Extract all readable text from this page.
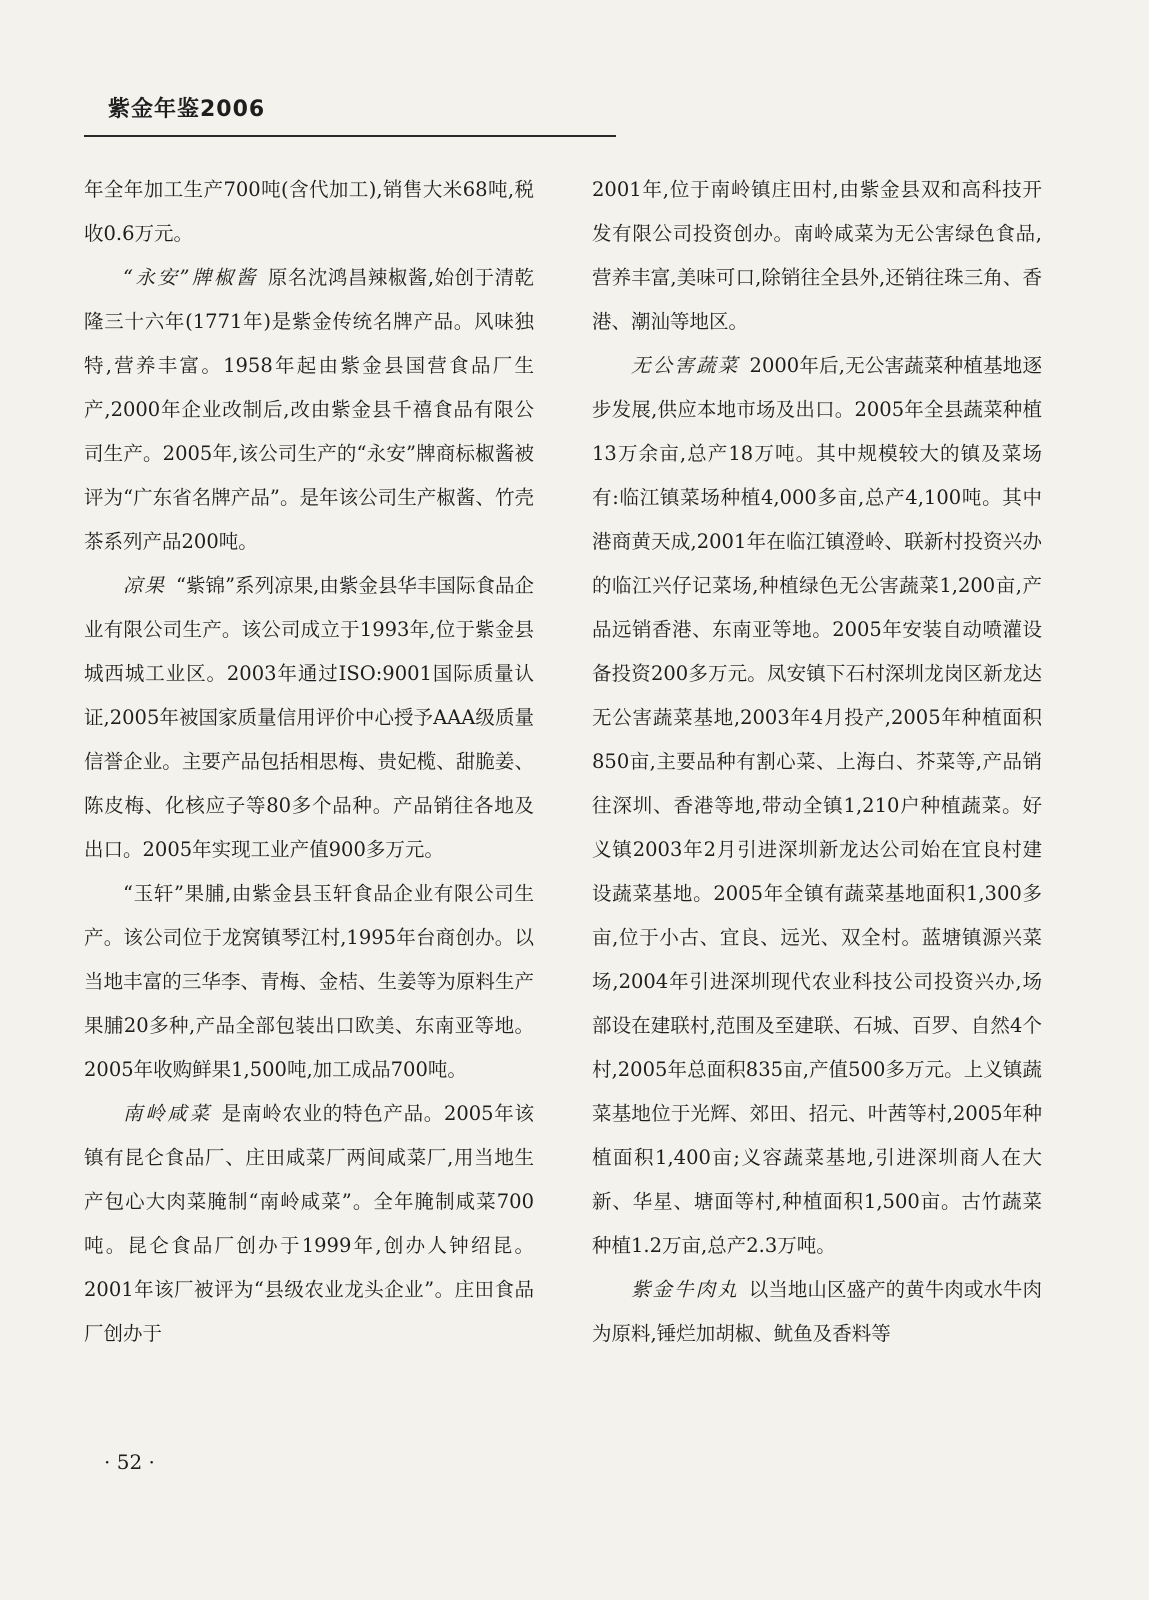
紫金年鉴2006

年全年加工生产700吨(含代加工),销售大米68吨,税收0.6万元。

“永安”牌椒酱 原名沈鸿昌辣椒酱,始创于清乾隆三十六年(1771年)是紫金传统名牌产品。风味独特,营养丰富。1958年起由紫金县国营食品厂生产,2000年企业改制后,改由紫金县千禧食品有限公司生产。2005年,该公司生产的“永安”牌商标椒酱被评为“广东省名牌产品”。是年该公司生产椒酱、竹壳茶系列产品200吨。

凉果 “紫锦”系列凉果,由紫金县华丰国际食品企业有限公司生产。该公司成立于1993年,位于紫金县城西城工业区。2003年通过ISO:9001国际质量认证,2005年被国家质量信用评价中心授予AAA级质量信誉企业。主要产品包括相思梅、贵妃榄、甜脆姜、陈皮梅、化核应子等80多个品种。产品销往各地及出口。2005年实现工业产值900多万元。

“玉轩”果脯,由紫金县玉轩食品企业有限公司生产。该公司位于龙窝镇琴江村,1995年台商创办。以当地丰富的三华李、青梅、金桔、生姜等为原料生产果脯20多种,产品全部包装出口欧美、东南亚等地。2005年收购鲜果1,500吨,加工成品700吨。

南岭咸菜 是南岭农业的特色产品。2005年该镇有昆仑食品厂、庄田咸菜厂两间咸菜厂,用当地生产包心大肉菜腌制“南岭咸菜”。全年腌制咸菜700吨。昆仑食品厂创办于1999年,创办人钟绍昆。2001年该厂被评为“县级农业龙头企业”。庄田食品厂创办于

2001年,位于南岭镇庄田村,由紫金县双和高科技开发有限公司投资创办。南岭咸菜为无公害绿色食品,营养丰富,美味可口,除销往全县外,还销往珠三角、香港、潮汕等地区。

无公害蔬菜 2000年后,无公害蔬菜种植基地逐步发展,供应本地市场及出口。2005年全县蔬菜种植13万余亩,总产18万吨。其中规模较大的镇及菜场有:临江镇菜场种植4,000多亩,总产4,100吨。其中港商黄天成,2001年在临江镇澄岭、联新村投资兴办的临江兴仔记菜场,种植绿色无公害蔬菜1,200亩,产品远销香港、东南亚等地。2005年安装自动喷灌设备投资200多万元。凤安镇下石村深圳龙岗区新龙达无公害蔬菜基地,2003年4月投产,2005年种植面积850亩,主要品种有割心菜、上海白、芥菜等,产品销往深圳、香港等地,带动全镇1,210户种植蔬菜。好义镇2003年2月引进深圳新龙达公司始在宜良村建设蔬菜基地。2005年全镇有蔬菜基地面积1,300多亩,位于小古、宜良、远光、双全村。蓝塘镇源兴菜场,2004年引进深圳现代农业科技公司投资兴办,场部设在建联村,范围及至建联、石城、百罗、自然4个村,2005年总面积835亩,产值500多万元。上义镇蔬菜基地位于光辉、郊田、招元、叶茜等村,2005年种植面积1,400亩;义容蔬菜基地,引进深圳商人在大新、华星、塘面等村,种植面积1,500亩。古竹蔬菜种植1.2万亩,总产2.3万吨。

紫金牛肉丸 以当地山区盛产的黄牛肉或水牛肉为原料,锤烂加胡椒、鱿鱼及香料等

· 52 ·
